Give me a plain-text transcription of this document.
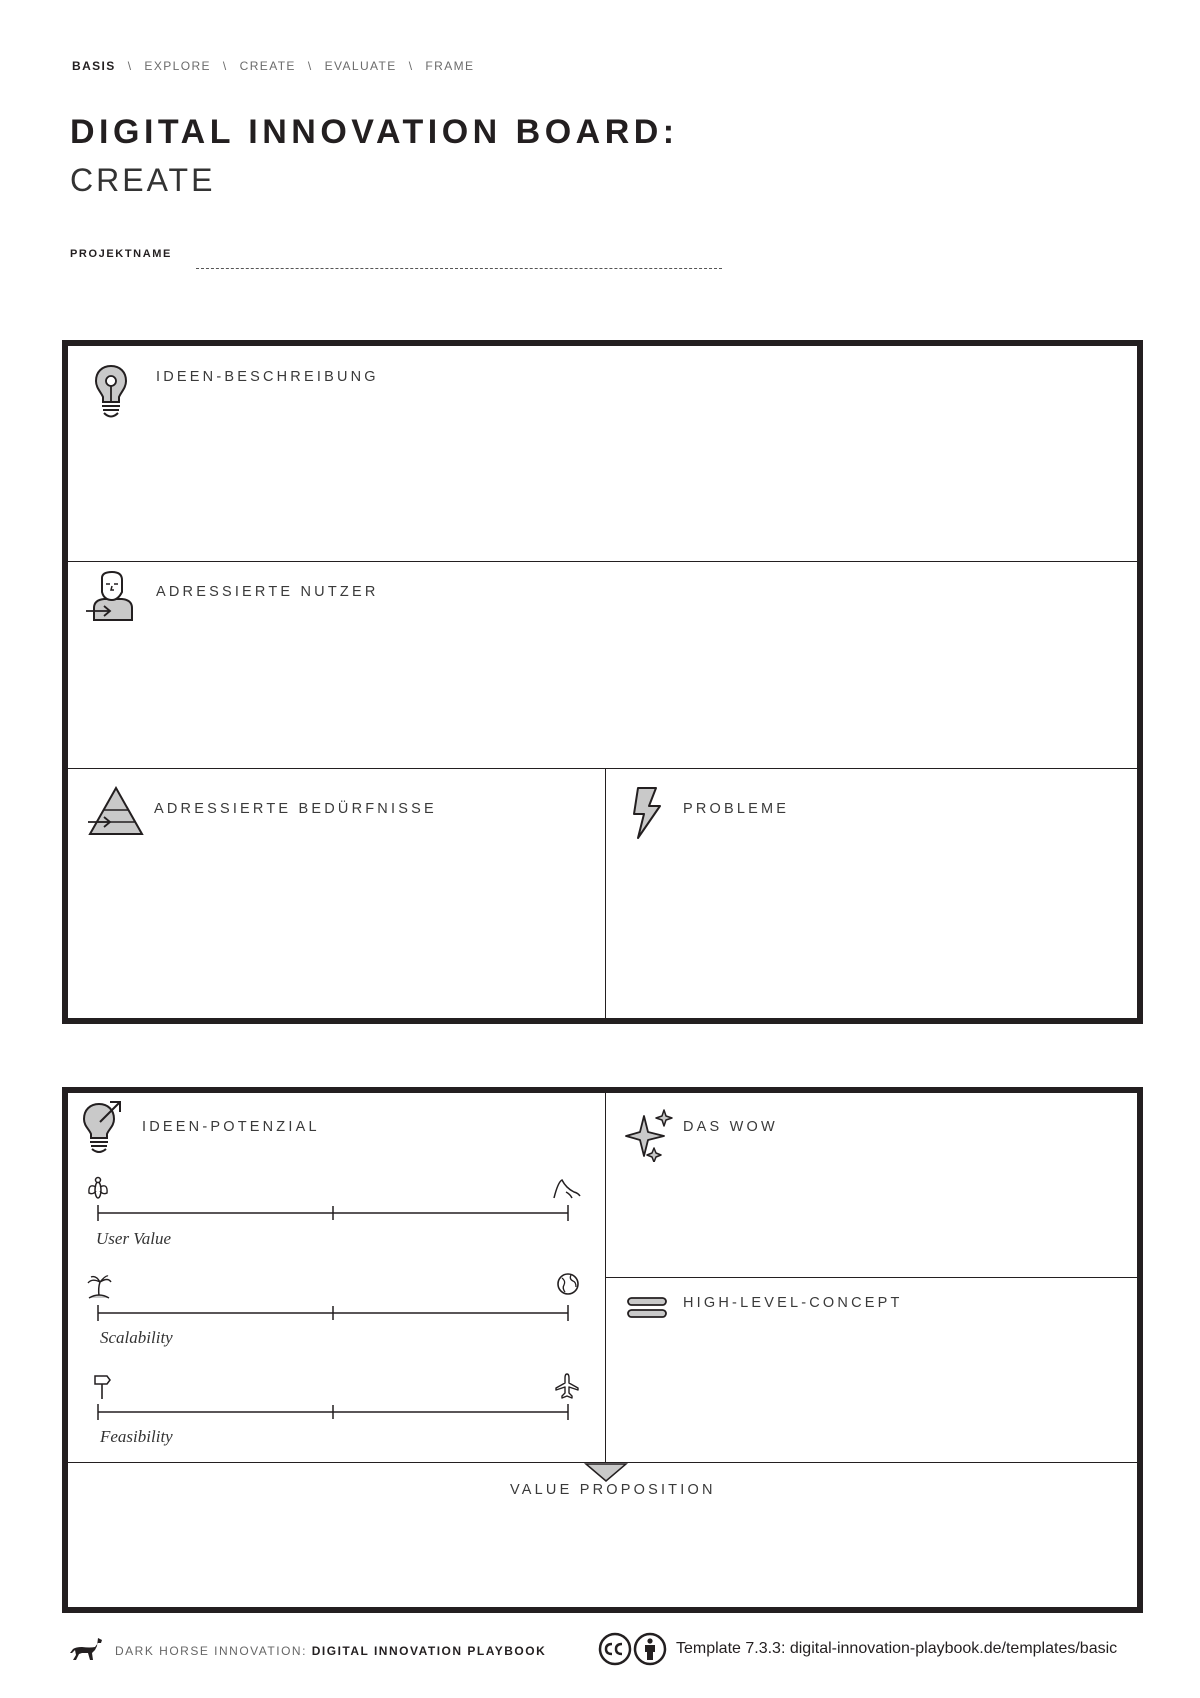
BASIS \ EXPLORE \ CREATE \ EVALUATE \ FRAME
DIGITAL INNOVATION BOARD:
CREATE
PROJEKTNAME
IDEEN-BESCHREIBUNG
ADRESSIERTE NUTZER
ADRESSIERTE BEDÜRFNISSE	PROBLEME
IDEEN-POTENZIAL
User Value
Scalability
Feasibility
DAS WOW
HIGH-LEVEL-CONCEPT
VALUE PROPOSITION
DARK HORSE INNOVATION: DIGITAL INNOVATION PLAYBOOK	Template 7.3.3: digital-innovation-playbook.de/templates/basic
